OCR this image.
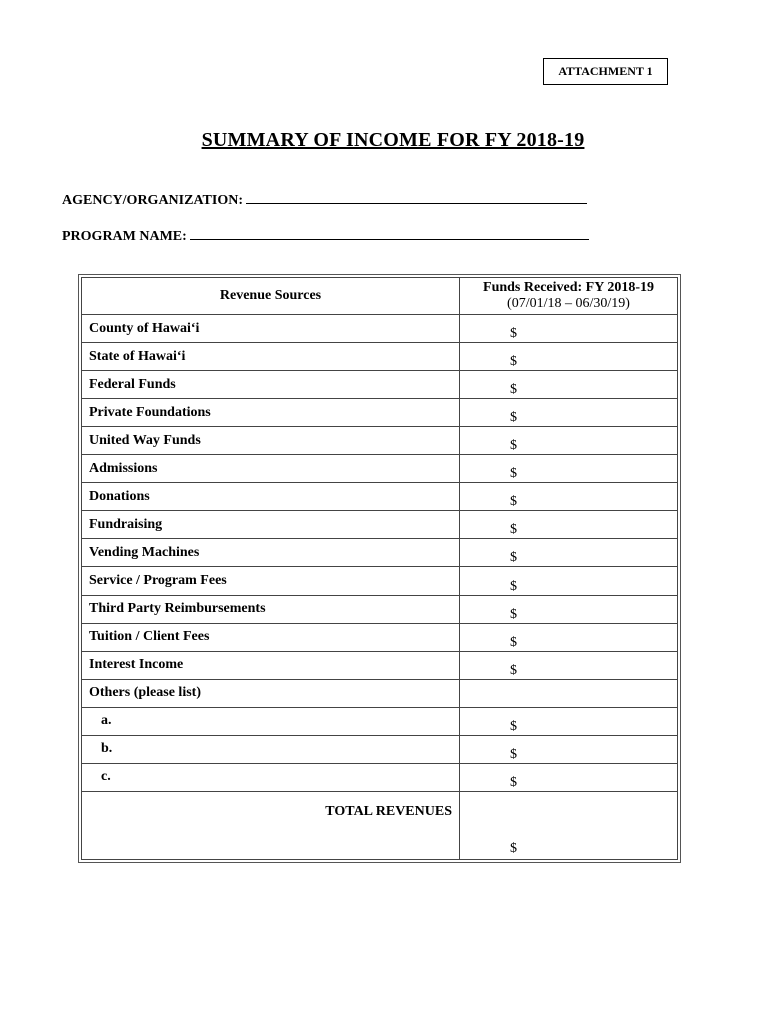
ATTACHMENT 1
SUMMARY OF INCOME FOR FY 2018-19
AGENCY/ORGANIZATION:
PROGRAM NAME:
Revenue Sources	Funds Received: FY 2018-19
(07/01/18 – 06/30/19)

County of Hawai‘i	$
State of Hawai‘i	$
Federal Funds	$
Private Foundations	$
United Way Funds	$
Admissions	$
Donations	$
Fundraising	$
Vending Machines	$
Service / Program Fees	$
Third Party Reimbursements	$
Tuition / Client Fees	$
Interest Income	$
Others (please list)	
a.	$
b.	$
c.	$
TOTAL REVENUES	$
